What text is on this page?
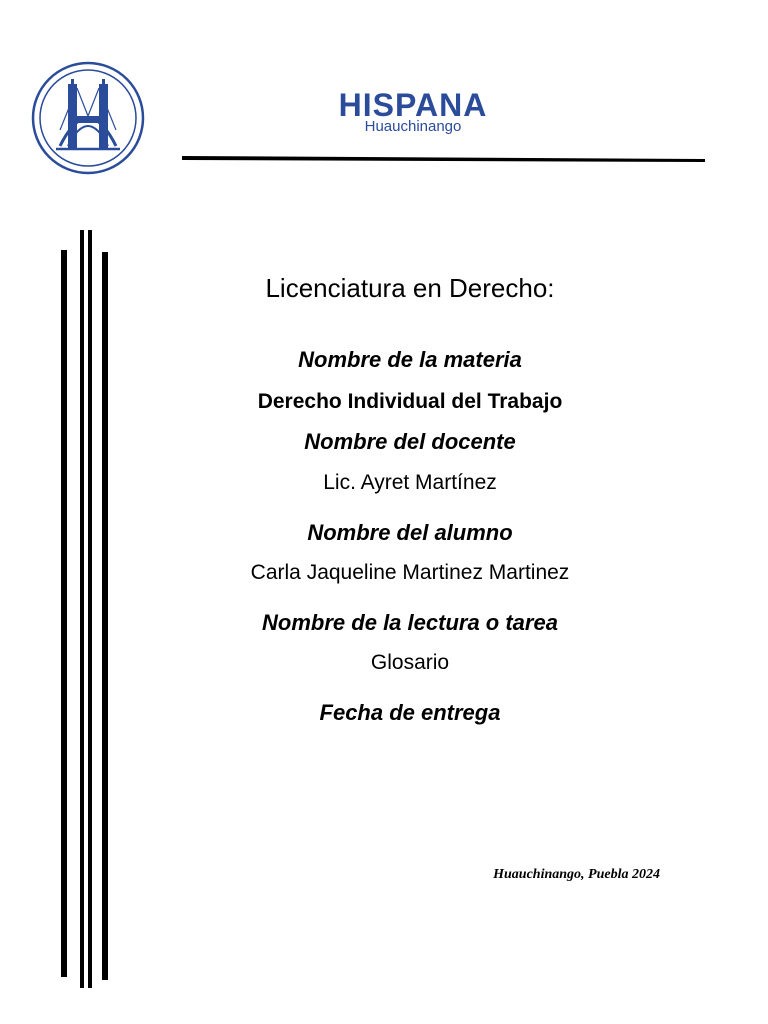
HISPANA
Huauchinango
Licenciatura en Derecho:
Nombre de la materia
Derecho Individual del Trabajo
Nombre del docente
Lic. Ayret Martínez
Nombre del alumno
Carla Jaqueline Martinez Martinez
Nombre de la lectura o tarea
Glosario
Fecha de entrega
Huauchinango, Puebla 2024
